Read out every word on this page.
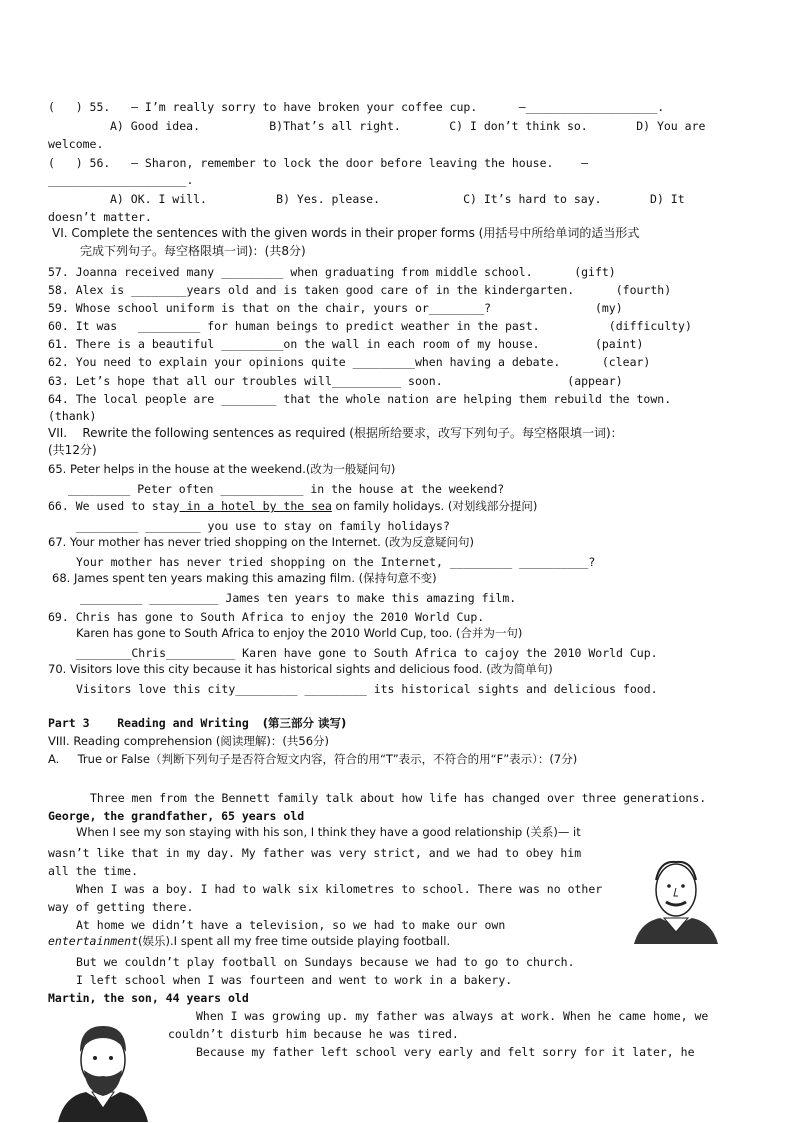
(   ) 55.   — I’m really sorry to have broken your coffee cup.      —___________________.
A) Good idea.          B)That’s all right.       C) I don’t think so.       D) You are
welcome.
(   ) 56.   — Sharon, remember to lock the door before leaving the house.    —
____________________.
A) OK. I will.          B) Yes. please.            C) It’s hard to say.       D) It
doesn’t matter.
VI. Complete the sentences with the given words in their proper forms (用括号中所给单词的适当形式
完成下列句子。每空格限填一词)：(共8分)
57. Joanna received many _________ when graduating from middle school.      (gift)
58. Alex is ________years old and is taken good care of in the kindergarten.      (fourth)
59. Whose school uniform is that on the chair, yours or________?               (my)
60. It was   _________ for human beings to predict weather in the past.          (difficulty)
61. There is a beautiful _________on the wall in each room of my house.        (paint)
62. You need to explain your opinions quite _________when having a debate.      (clear)
63. Let’s hope that all our troubles will__________ soon.                  (appear)
64. The local people are ________ that the whole nation are helping them rebuild the town.
(thank)
VII.    Rewrite the following sentences as required (根据所给要求，改写下列句子。每空格限填一词)：
(共12分)
65. Peter helps in the house at the weekend.(改为一般疑问句)
_________ Peter often ____________ in the house at the weekend?
66. We used to stay in a hotel by the sea on family holidays. (对划线部分提问)
_________ ________ you use to stay on family holidays?
67. Your mother has never tried shopping on the Internet. (改为反意疑问句)
Your mother has never tried shopping on the Internet, _________ __________?
68. James spent ten years making this amazing film. (保持句意不变)
_________ __________ James ten years to make this amazing film.
69. Chris has gone to South Africa to enjoy the 2010 World Cup.
Karen has gone to South Africa to enjoy the 2010 World Cup, too. (合并为一句)
________Chris__________ Karen have gone to South Africa to cajoy the 2010 World Cup.
70. Visitors love this city because it has historical sights and delicious food. (改为简单句)
Visitors love this city_________ _________ its historical sights and delicious food.
Part 3    Reading and Writing (第三部分 读写)
VIII. Reading comprehension (阅读理解)：(共56分)
A.     True or False（判断下列句子是否符合短文内容，符合的用“T”表示，不符合的用“F”表示）：(7分)
Three men from the Bennett family talk about how life has changed over three generations.
George, the grandfather, 65 years old
When I see my son staying with his son, I think they have a good relationship (关系)— it
wasn’t like that in my day. My father was very strict, and we had to obey him
all the time.
When I was a boy. I had to walk six kilometres to school. There was no other
way of getting there.
At home we didn’t have a television, so we had to make our own
entertainment(娱乐).I spent all my free time outside playing football.
But we couldn’t play football on Sundays because we had to go to church.
I left school when I was fourteen and went to work in a bakery.
Martin, the son, 44 years old
When I was growing up. my father was always at work. When he came home, we
couldn’t disturb him because he was tired.
Because my father left school very early and felt sorry for it later, he
